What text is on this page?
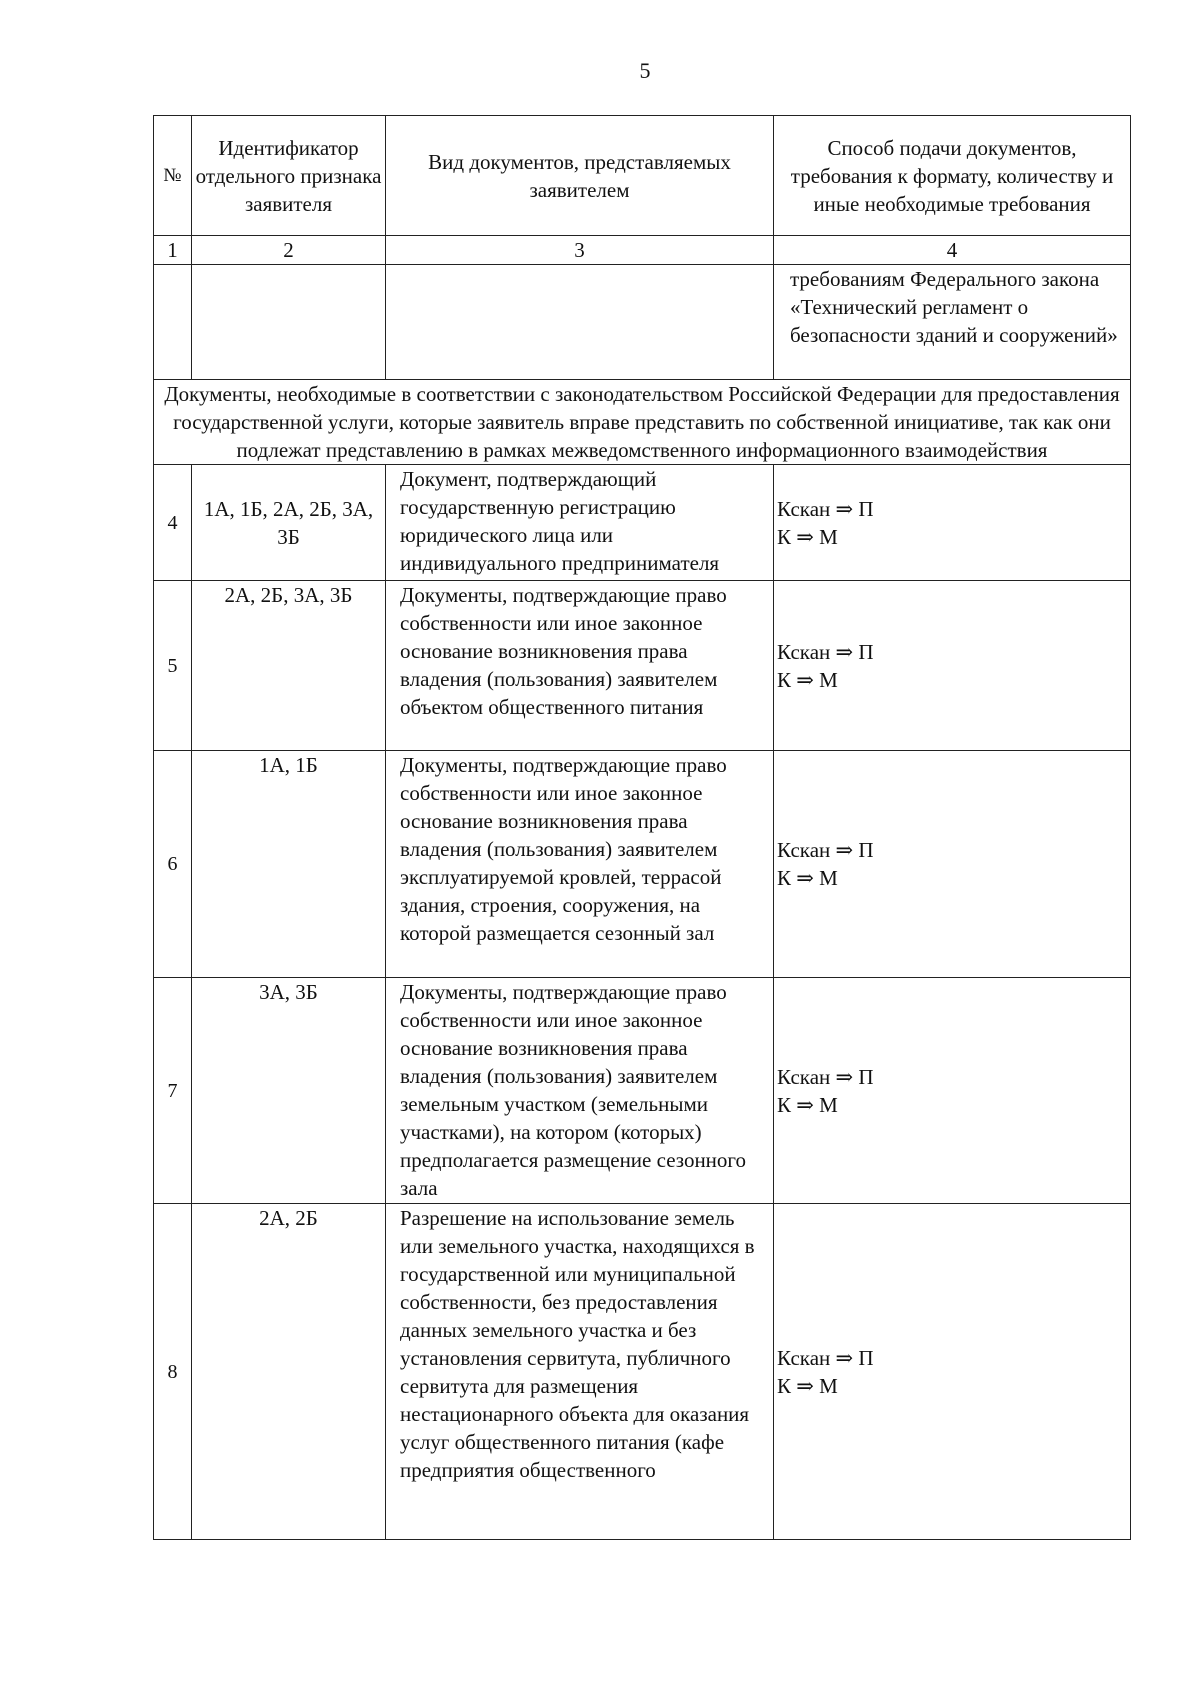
5
№	Идентификатор отдельного признака заявителя	Вид документов, представляемых заявителем	Способ подачи документов, требования к формату, количеству и иные необходимые требования
1	2	3	4
			требованиям Федерального закона «Технический регламент о безопасности зданий и сооружений»
Документы, необходимые в соответствии с законодательством Российской Федерации для предоставления государственной услуги, которые заявитель вправе представить по собственной инициативе, так как они подлежат представлению в рамках межведомственного информационного взаимодействия			
4	1А, 1Б, 2А, 2Б, 3А, 3Б	Документ, подтверждающий государственную регистрацию юридического лица или индивидуального предпринимателя	Кскан ⇒ П
К ⇒ М

5	2А, 2Б, 3А, 3Б	Документы, подтверждающие право собственности или иное законное основание возникновения права владения (пользования) заявителем объектом общественного питания	Кскан ⇒ П
К ⇒ М

6	1А, 1Б	Документы, подтверждающие право собственности или иное законное основание возникновения права владения (пользования) заявителем эксплуатируемой кровлей, террасой здания, строения, сооружения, на которой размещается сезонный зал	Кскан ⇒ П
К ⇒ М

7	3А, 3Б	Документы, подтверждающие право собственности или иное законное основание возникновения права владения (пользования) заявителем земельным участком (земельными участками), на котором (которых) предполагается размещение сезонного зала	Кскан ⇒ П
К ⇒ М

8	2А, 2Б	Разрешение на использование земель или земельного участка, находящихся в государственной или муниципальной собственности, без предоставления данных земельного участка и без установления сервитута, публичного сервитута для размещения нестационарного объекта для оказания услуг общественного питания (кафе предприятия общественного	Кскан ⇒ П
К ⇒ М
